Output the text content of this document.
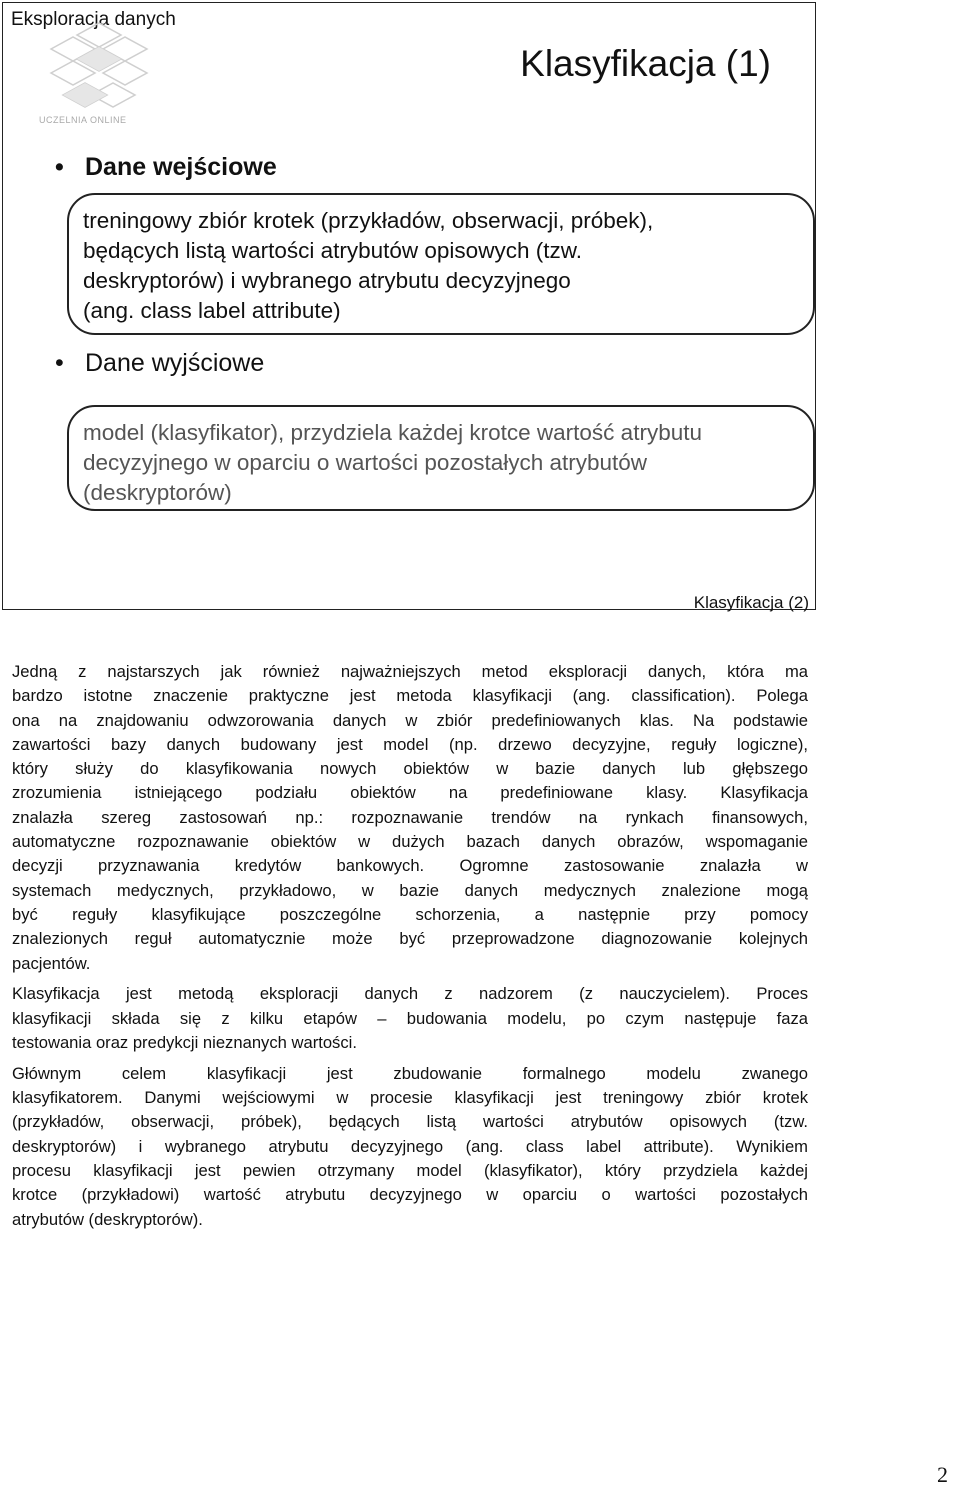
Eksploracja danych
UCZELNIA ONLINE
Klasyfikacja (1)
• Dane wejściowe
treningowy zbiór krotek (przykładów, obserwacji, próbek),
będących listą wartości atrybutów opisowych (tzw.
deskryptorów) i wybranego atrybutu decyzyjnego
(ang. class label attribute)
• Dane wyjściowe
model (klasyfikator), przydziela każdej krotce wartość atrybutu
decyzyjnego w oparciu o wartości pozostałych atrybutów
(deskryptorów)
Klasyfikacja (2)
Jedną z najstarszych jak również najważniejszych metod eksploracji danych, która ma
bardzo istotne znaczenie praktyczne jest metoda klasyfikacji (ang. classification). Polega
ona na znajdowaniu odwzorowania danych w zbiór predefiniowanych klas. Na podstawie
zawartości bazy danych budowany jest model (np. drzewo decyzyjne, reguły logiczne),
który służy do klasyfikowania nowych obiektów w bazie danych lub głębszego
zrozumienia istniejącego podziału obiektów na predefiniowane klasy. Klasyfikacja
znalazła szereg zastosowań np.: rozpoznawanie trendów na rynkach finansowych,
automatyczne rozpoznawanie obiektów w dużych bazach danych obrazów, wspomaganie
decyzji przyznawania kredytów bankowych. Ogromne zastosowanie znalazła w
systemach medycznych, przykładowo, w bazie danych medycznych znalezione mogą
być reguły klasyfikujące poszczególne schorzenia, a następnie przy pomocy
znalezionych reguł automatycznie może być przeprowadzone diagnozowanie kolejnych
pacjentów.
Klasyfikacja jest metodą eksploracji danych z nadzorem (z nauczycielem). Proces
klasyfikacji składa się z kilku etapów – budowania modelu, po czym następuje faza
testowania oraz predykcji nieznanych wartości.
Głównym celem klasyfikacji jest zbudowanie formalnego modelu zwanego
klasyfikatorem. Danymi wejściowymi w procesie klasyfikacji jest treningowy zbiór krotek
(przykładów, obserwacji, próbek), będących listą wartości atrybutów opisowych (tzw.
deskryptorów) i wybranego atrybutu decyzyjnego (ang. class label attribute). Wynikiem
procesu klasyfikacji jest pewien otrzymany model (klasyfikator), który przydziela każdej
krotce (przykładowi) wartość atrybutu decyzyjnego w oparciu o wartości pozostałych
atrybutów (deskryptorów).
2
